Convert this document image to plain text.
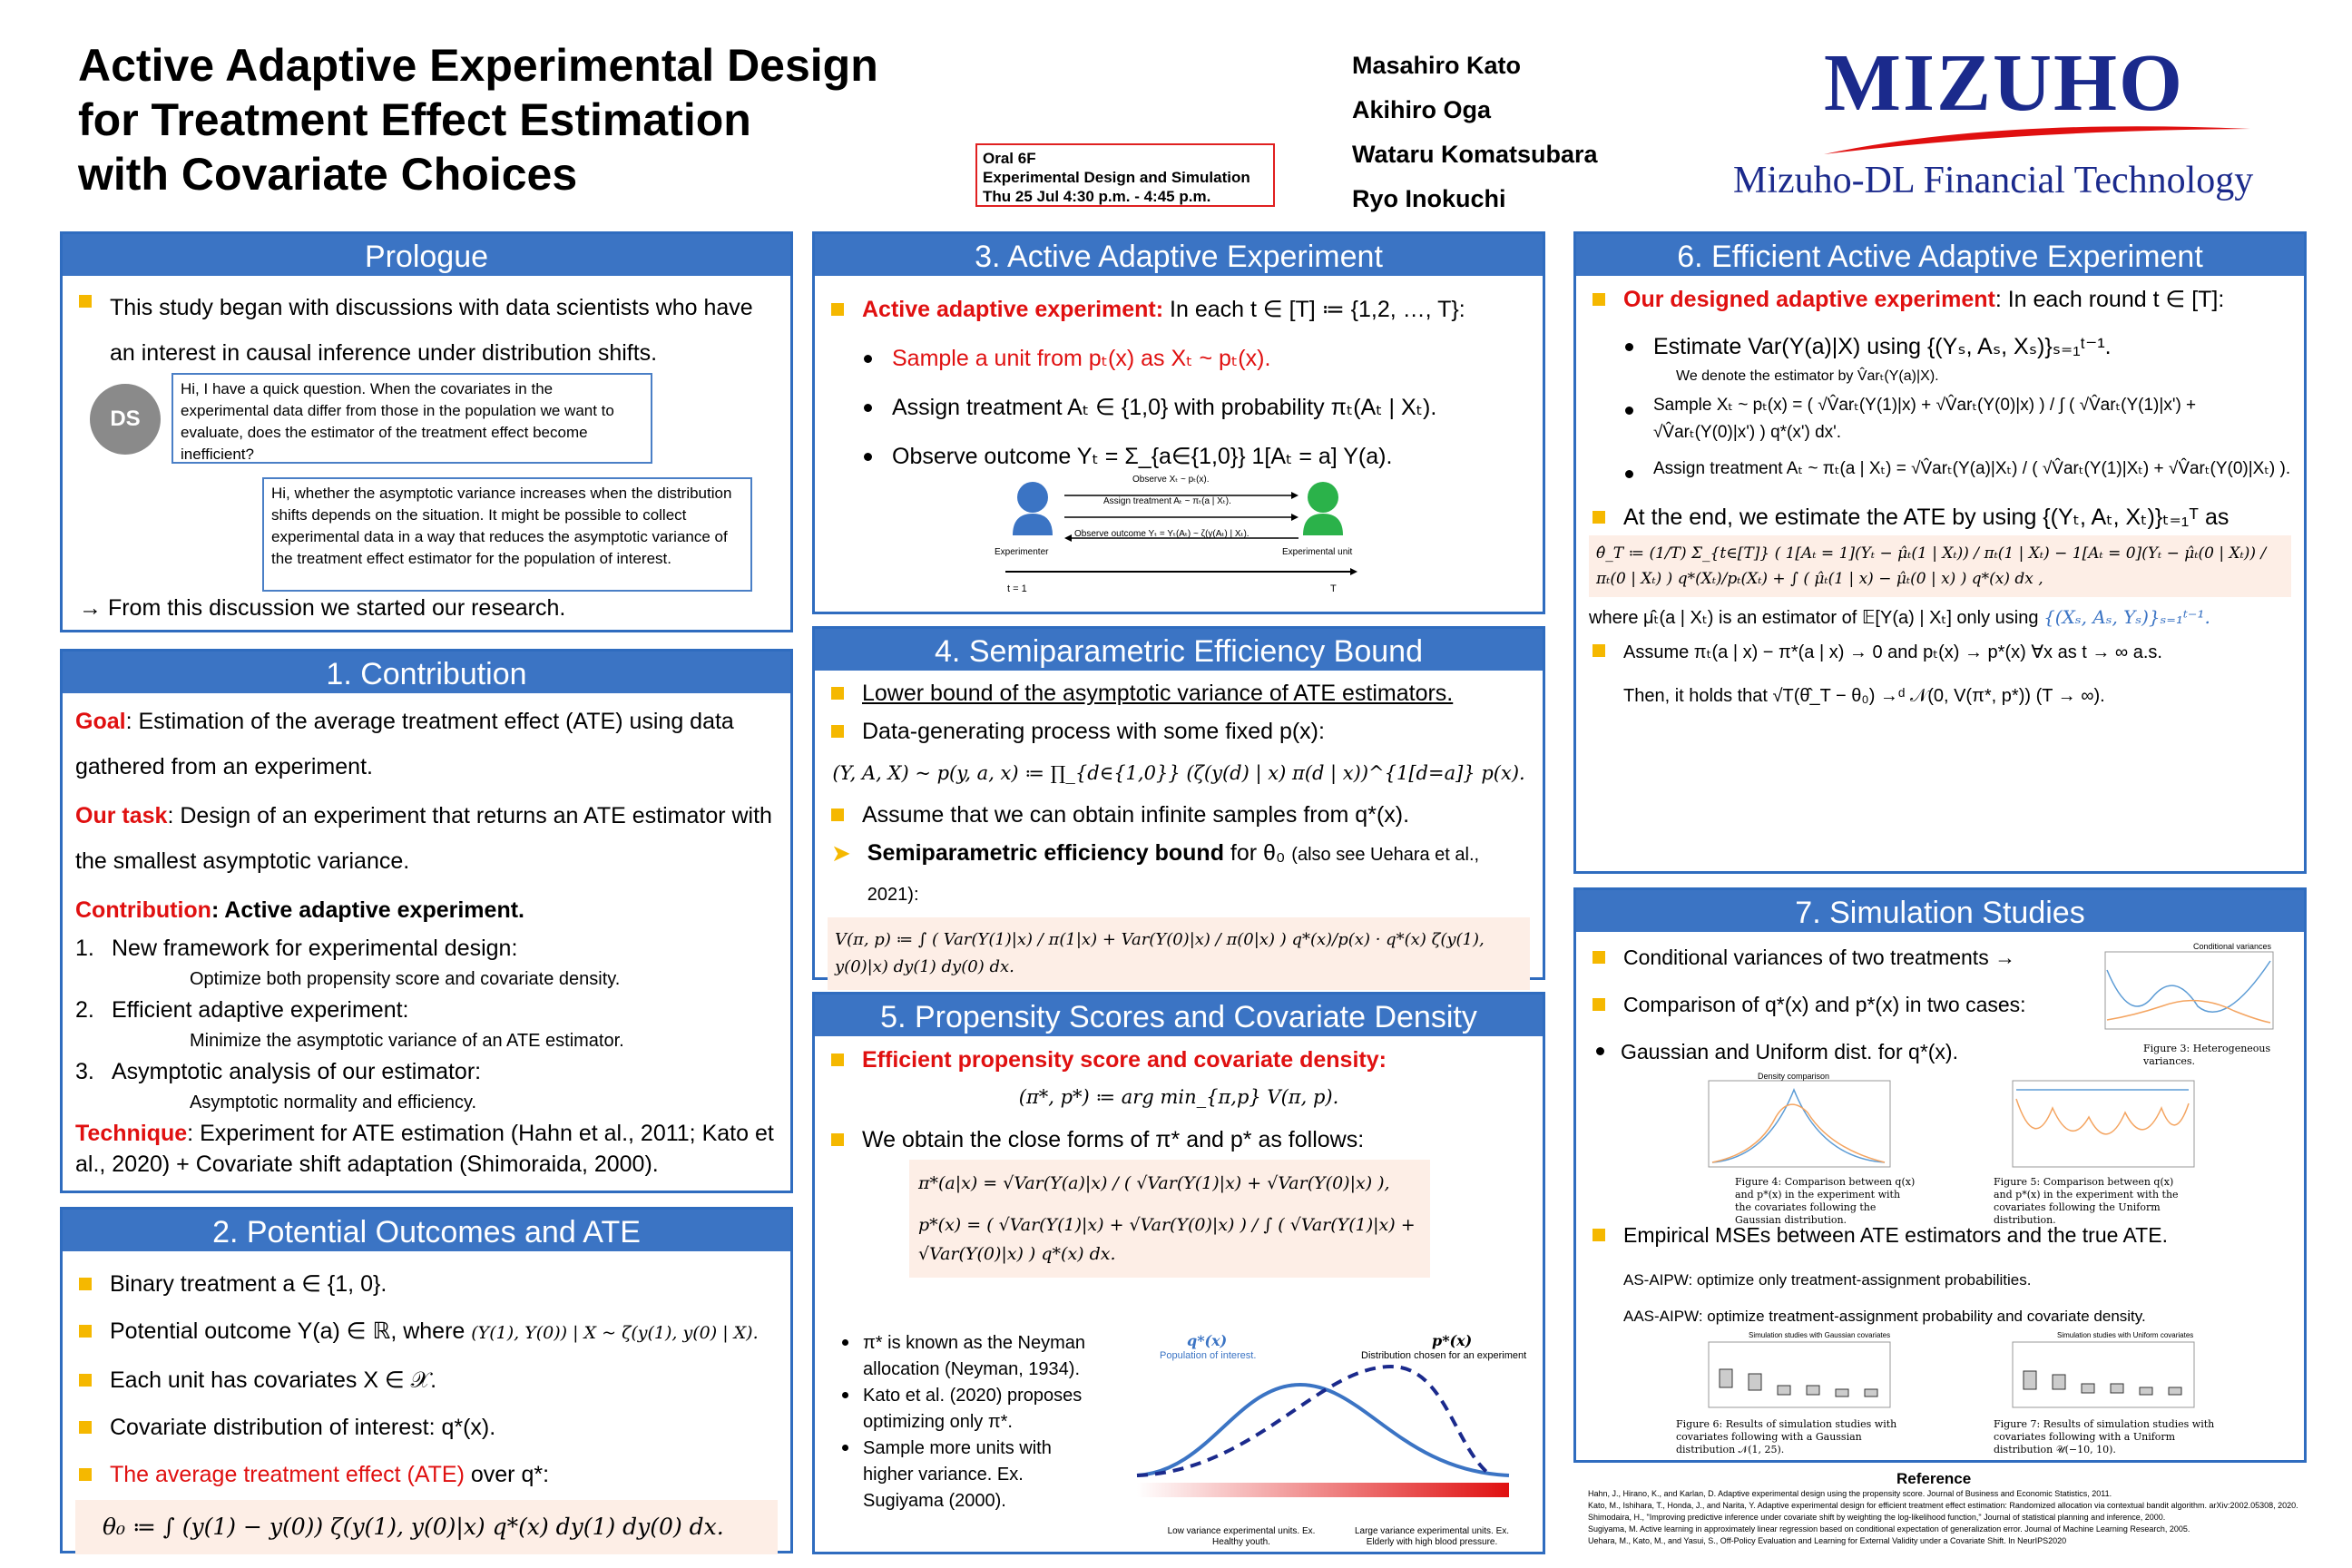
Active Adaptive Experimental Design
for Treatment Effect Estimation
with Covariate Choices	Oral 6F
Experimental Design and Simulation
Thu 25 Jul 4:30 p.m. - 4:45 p.m.
Masahiro Kato
Akihiro Oga
Wataru Komatsubara
Ryo Inokuchi
MIZUHO
Mizuho-DL Financial Technology
Prologue
This study began with discussions with data scientists who have an interest in causal inference under distribution shifts.
DS
Hi, I have a quick question. When the covariates in the experimental data differ from those in the population we want to evaluate, does the estimator of the treatment effect become inefficient?
Hi, whether the asymptotic variance increases when the distribution shifts depends on the situation. It might be possible to collect experimental data in a way that reduces the asymptotic variance of the treatment effect estimator for the population of interest.
→ From this discussion we started our research.
1. Contribution
Goal: Estimation of the average treatment effect (ATE) using data gathered from an experiment.
Our task: Design of an experiment that returns an ATE estimator with the smallest asymptotic variance.
Contribution: Active adaptive experiment.
1. New framework for experimental design:
Optimize both propensity score and covariate density.
2. Efficient adaptive experiment:
Minimize the asymptotic variance of an ATE estimator.
3. Asymptotic analysis of our estimator:
Asymptotic normality and efficiency.
Technique: Experiment for ATE estimation (Hahn et al., 2011; Kato et al., 2020) + Covariate shift adaptation (Shimoraida, 2000).
2. Potential Outcomes and ATE
Binary treatment a ∈ {1, 0}.
Potential outcome Y(a) ∈ ℝ, where (Y(1), Y(0)) | X ~ ζ(y(1), y(0) | X).
Each unit has covariates X ∈ 𝒳.
Covariate distribution of interest: q*(x).
The average treatment effect (ATE) over q*:
θ₀ ≔ ∫ (y(1) − y(0)) ζ(y(1), y(0)|x) q*(x) dy(1) dy(0) dx.
3. Active Adaptive Experiment
Active adaptive experiment: In each t ∈ [T] ≔ {1,2, …, T}:
Sample a unit from pₜ(x) as Xₜ ~ pₜ(x).
Assign treatment Aₜ ∈ {1,0} with probability πₜ(Aₜ | Xₜ).
Observe outcome Yₜ = Σ_{a∈{1,0}} 1[Aₜ = a] Y(a).
Observe Xₜ ~ pₜ(x).
Assign treatment Aₜ ~ πₜ(a | Xₜ).
Observe outcome Yₜ = Yₜ(Aₜ) ~ ζ(y(Aₜ) | Xₜ).
Experimenter	Experimental unit
t = 1	T
4. Semiparametric Efficiency Bound
Lower bound of the asymptotic variance of ATE estimators.
Data-generating process with some fixed p(x):
(Y, A, X) ~ p(y, a, x) ≔ ∏_{d∈{1,0}} (ζ(y(d) | x) π(d | x))^{1[d=a]} p(x).
Assume that we can obtain infinite samples from q*(x).
➤ Semiparametric efficiency bound for θ₀ (also see Uehara et al., 2021):
V(π, p) ≔ ∫ ( Var(Y(1)|x) / π(1|x) + Var(Y(0)|x) / π(0|x) ) q*(x)/p(x) · q*(x) ζ(y(1), y(0)|x) dy(1) dy(0) dx.
5. Propensity Scores and Covariate Density
Efficient propensity score and covariate density:
(π*, p*) ≔ arg min_{π,p} V(π, p).
We obtain the close forms of π* and p* as follows:
π*(a|x) = √Var(Y(a)|x) / ( √Var(Y(1)|x) + √Var(Y(0)|x) ),
p*(x) = ( √Var(Y(1)|x) + √Var(Y(0)|x) ) / ∫ ( √Var(Y(1)|x) + √Var(Y(0)|x) ) q*(x) dx.
π* is known as the Neyman allocation (Neyman, 1934).
Kato et al. (2020) proposes optimizing only π*.
Sample more units with higher variance. Ex. Sugiyama (2000).
q*(x)
Population of interest.
p*(x)
Distribution chosen for an experiment
Low variance experimental units. Ex. Healthy youth.
Large variance experimental units. Ex. Elderly with high blood pressure.
6. Efficient Active Adaptive Experiment
Our designed adaptive experiment: In each round t ∈ [T]:
Estimate Var(Y(a)|X) using {(Yₛ, Aₛ, Xₛ)}ₛ₌₁ᵗ⁻¹.
We denote the estimator by V̂arₜ(Y(a)|X).
Sample Xₜ ~ pₜ(x) = ( √V̂arₜ(Y(1)|x) + √V̂arₜ(Y(0)|x) ) / ∫ ( √V̂arₜ(Y(1)|x') + √V̂arₜ(Y(0)|x') ) q*(x') dx'.
Assign treatment Aₜ ~ πₜ(a | Xₜ) = √V̂arₜ(Y(a)|Xₜ) / ( √V̂arₜ(Y(1)|Xₜ) + √V̂arₜ(Y(0)|Xₜ) ).
At the end, we estimate the ATE by using {(Yₜ, Aₜ, Xₜ)}ₜ₌₁ᵀ as
θ̂_T ≔ (1/T) Σ_{t∈[T]} ( 1[Aₜ = 1](Yₜ − μ̂ₜ(1 | Xₜ)) / πₜ(1 | Xₜ) − 1[Aₜ = 0](Yₜ − μ̂ₜ(0 | Xₜ)) / πₜ(0 | Xₜ) ) q*(Xₜ)/pₜ(Xₜ) + ∫ ( μ̂ₜ(1 | x) − μ̂ₜ(0 | x) ) q*(x) dx ,
where μ̂ₜ(a | Xₜ) is an estimator of 𝔼[Y(a) | Xₜ] only using {(Xₛ, Aₛ, Yₛ)}ₛ₌₁ᵗ⁻¹.
Assume πₜ(a | x) − π*(a | x) → 0 and pₜ(x) → p*(x) ∀x as t → ∞ a.s.
Then, it holds that √T(θ̂_T − θ₀) →ᵈ 𝒩(0, V(π*, p*)) (T → ∞).
7. Simulation Studies
Conditional variances of two treatments →
Comparison of q*(x) and p*(x) in two cases:
Gaussian and Uniform dist. for q*(x).
Conditional variances
Figure 3: Heterogeneous variances.
Density comparison
Figure 4: Comparison between q(x) and p*(x) in the experiment with the covariates following the Gaussian distribution.
Figure 5: Comparison between q(x) and p*(x) in the experiment with the covariates following the Uniform distribution.
Empirical MSEs between ATE estimators and the true ATE.
AS-AIPW: optimize only treatment-assignment probabilities.
AAS-AIPW: optimize treatment-assignment probability and covariate density.
Simulation studies with Gaussian covariates	Simulation studies with Uniform covariates
Figure 6: Results of simulation studies with covariates following with a Gaussian distribution 𝒩(1, 25).
Figure 7: Results of simulation studies with covariates following with a Uniform distribution 𝒰(−10, 10).
Reference
Hahn, J., Hirano, K., and Karlan, D. Adaptive experimental design using the propensity score. Journal of Business and Economic Statistics, 2011.
Kato, M., Ishihara, T., Honda, J., and Narita, Y. Adaptive experimental design for efficient treatment effect estimation: Randomized allocation via contextual bandit algorithm. arXiv:2002.05308, 2020.
Shimodaira, H., "Improving predictive inference under covariate shift by weighting the log-likelihood function," Journal of statistical planning and inference, 2000.
Sugiyama, M. Active learning in approximately linear regression based on conditional expectation of generalization error. Journal of Machine Learning Research, 2005.
Uehara, M., Kato, M., and Yasui, S., Off-Policy Evaluation and Learning for External Validity under a Covariate Shift. In NeurIPS2020
